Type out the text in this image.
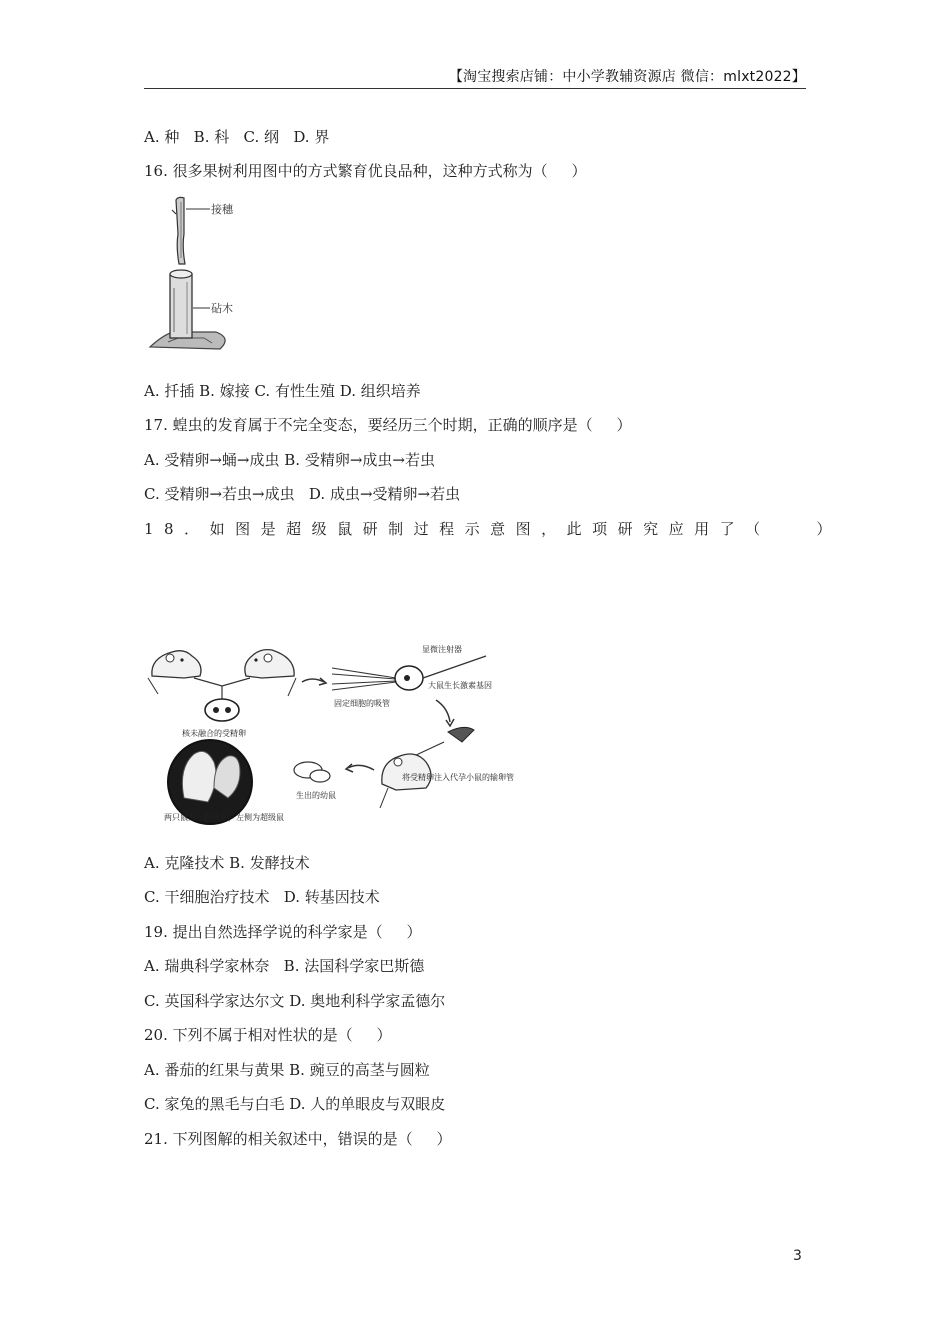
【淘宝搜索店铺：中小学教辅资源店 微信：mlxt2022】
A. 种   B. 科   C. 纲   D. 界
16. 很多果树利用图中的方式繁育优良品种，这种方式称为（     ）
接穗
砧木
A. 扦插 B. 嫁接 C. 有性生殖 D. 组织培养
17. 蝗虫的发育属于不完全变态，要经历三个时期，正确的顺序是（     ）
A. 受精卵→蛹→成虫 B. 受精卵→成虫→若虫
C. 受精卵→若虫→成虫   D. 成虫→受精卵→若虫
18．如图是超级鼠研制过程示意图，此项研究应用了（   ）
核未融合的受精卵
显微注射器
大鼠生长激素基因
固定细胞的吸管
将受精卵注入代孕小鼠的输卵管
生出的幼鼠
两只鼠为一胎所生，左侧为超级鼠
A. 克隆技术 B. 发酵技术
C. 干细胞治疗技术   D. 转基因技术
19. 提出自然选择学说的科学家是（     ）
A. 瑞典科学家林奈   B. 法国科学家巴斯德
C. 英国科学家达尔文 D. 奥地利科学家孟德尔
20. 下列不属于相对性状的是（     ）
A. 番茄的红果与黄果 B. 豌豆的高茎与圆粒
C. 家兔的黑毛与白毛 D. 人的单眼皮与双眼皮
21. 下列图解的相关叙述中，错误的是（     ）
3
